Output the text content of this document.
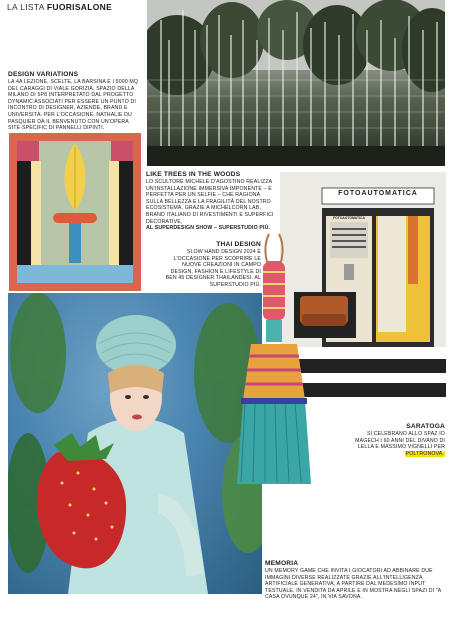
LA LISTA FUORISALONE
DESIGN VARIATIONS
LA 4A LEZIONE, SCELTE, LA BARSINA E I 5000 MQ DEL CARAGGI DI VIALE GORIZIA, SPAZIO DELLA MILANO DI 5P8 INTERPRETATO DAL PROGETTO DYNAMIC ASSOCIATI PER ESSERE UN PUNTO DI INCONTRO DI DESIGNER, AZIENDE, BRAND E UNIVERSITÀ. PER L'OCCASIONE, NATHALIE DU PASQUIER DÀ IL BENVENUTO CON UN'OPERA SITE-SPECIFIC DI PANNELLI DIPINTI.
LIKE TREES IN THE WOODS
LO SCULTORE MICHELE D'AGOSTINO REALIZZA UN'INSTALLAZIONE IMMERSIVA IMPONENTE – È PERFETTA PER UN SELFIE – CHE RAGIONA SULLA BELLEZZA E LA FRAGILITÀ DEL NOSTRO ECOSISTEMA. GRAZIE A MICHELCORN LAB, BRAND ITALIANO DI RIVESTIMENTI E SUPERFICI DECORATIVE,
AL SUPERDESIGN SHOW – SUPERSTUDIO PIÙ.
THAI DESIGN
SLOW HAND DESIGN 2024 È L'OCCASIONE PER SCOPRIRE LE NUOVE CREAZIONI IN CAMPO DESIGN, FASHION E LIFESTYLE DI BEN 45 DESIGNER THAILANDESI. AL SUPERSTUDIO PIÙ.
FOTOAUTOMATICA
FOTOAUTOMATICA
SARATOGA
SI CELEBRANO ALLO SPAZ IO MAGECH I 60 ANNI DEL DIVANO DI LELLA E MASSIMO VIGNELLI PER POLTRONOVA.
MEMORIA
UN MEMORY GAME CHE INVITA I GIOCATORI AD ABBINARE DUE IMMAGINI DIVERSE REALIZZATE GRAZIE ALL'INTELLIGENZA ARTIFICIALE GENERATIVA, A PARTIRE DAL MEDESIMO INPUT TESTUALE. IN VENDITA DA APRILE E IN MOSTRA NEGLI SPAZI DI "A CASA OVUNQUE 24", IN VIA SAVONA.
